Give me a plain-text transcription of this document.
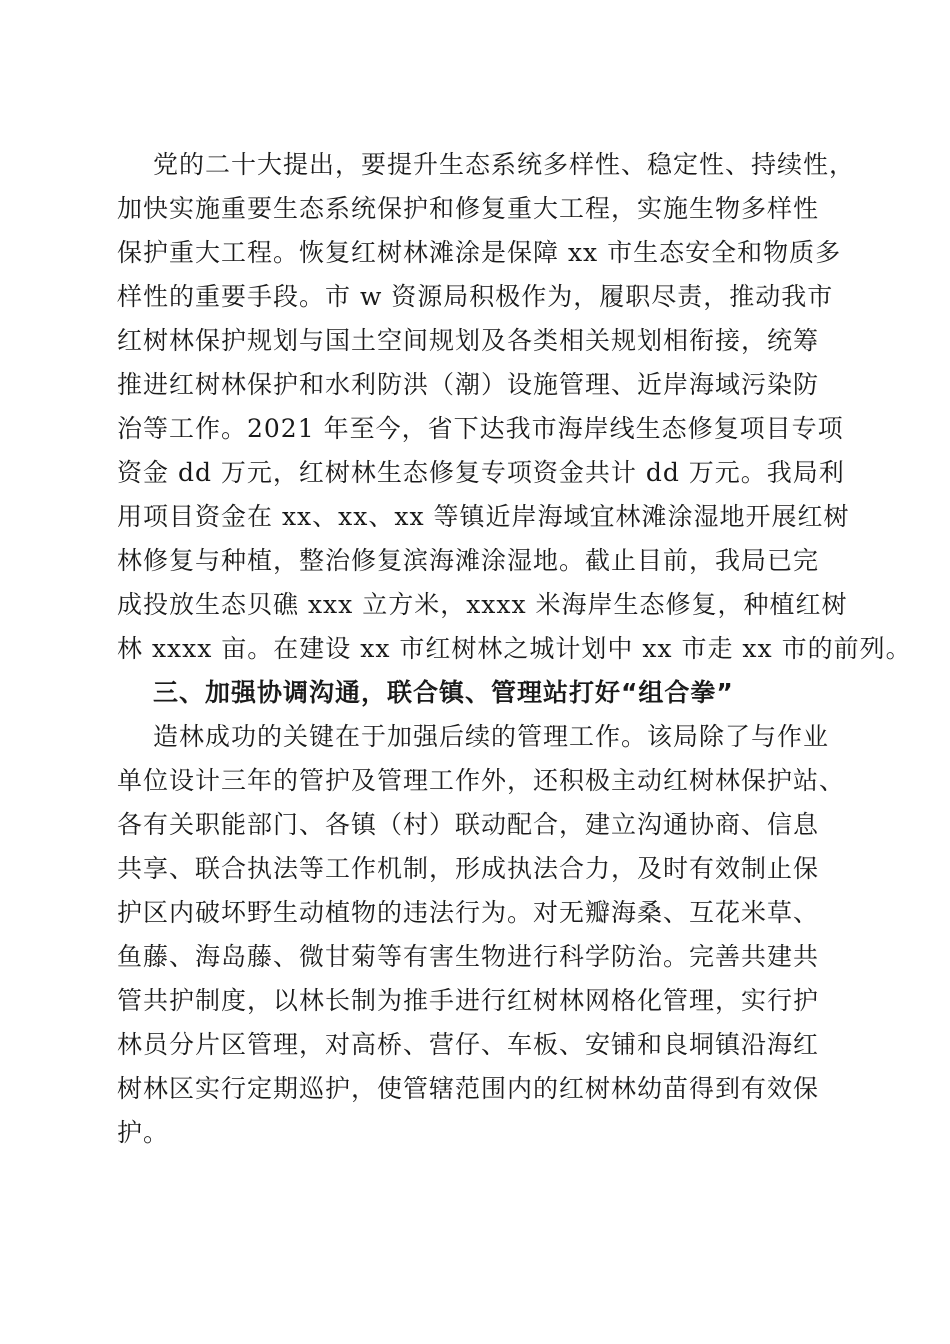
党的二十大提出，要提升生态系统多样性、稳定性、持续性，
加快实施重要生态系统保护和修复重大工程，实施生物多样性
保护重大工程。恢复红树林滩涂是保障 xx 市生态安全和物质多
样性的重要手段。市 w 资源局积极作为，履职尽责，推动我市
红树林保护规划与国土空间规划及各类相关规划相衔接，统筹
推进红树林保护和水利防洪（潮）设施管理、近岸海域污染防
治等工作。2021 年至今，省下达我市海岸线生态修复项目专项
资金 dd 万元，红树林生态修复专项资金共计 dd 万元。我局利
用项目资金在 xx、xx、xx 等镇近岸海域宜林滩涂湿地开展红树
林修复与种植，整治修复滨海滩涂湿地。截止目前，我局已完
成投放生态贝礁 xxx 立方米，xxxx 米海岸生态修复，种植红树
林 xxxx 亩。在建设 xx 市红树林之城计划中 xx 市走 xx 市的前列。
三、加强协调沟通，联合镇、管理站打好“组合拳”
造林成功的关键在于加强后续的管理工作。该局除了与作业
单位设计三年的管护及管理工作外，还积极主动红树林保护站、
各有关职能部门、各镇（村）联动配合，建立沟通协商、信息
共享、联合执法等工作机制，形成执法合力，及时有效制止保
护区内破坏野生动植物的违法行为。对无瓣海桑、互花米草、
鱼藤、海岛藤、微甘菊等有害生物进行科学防治。完善共建共
管共护制度，以林长制为推手进行红树林网格化管理，实行护
林员分片区管理，对高桥、营仔、车板、安铺和良垌镇沿海红
树林区实行定期巡护，使管辖范围内的红树林幼苗得到有效保
护。
